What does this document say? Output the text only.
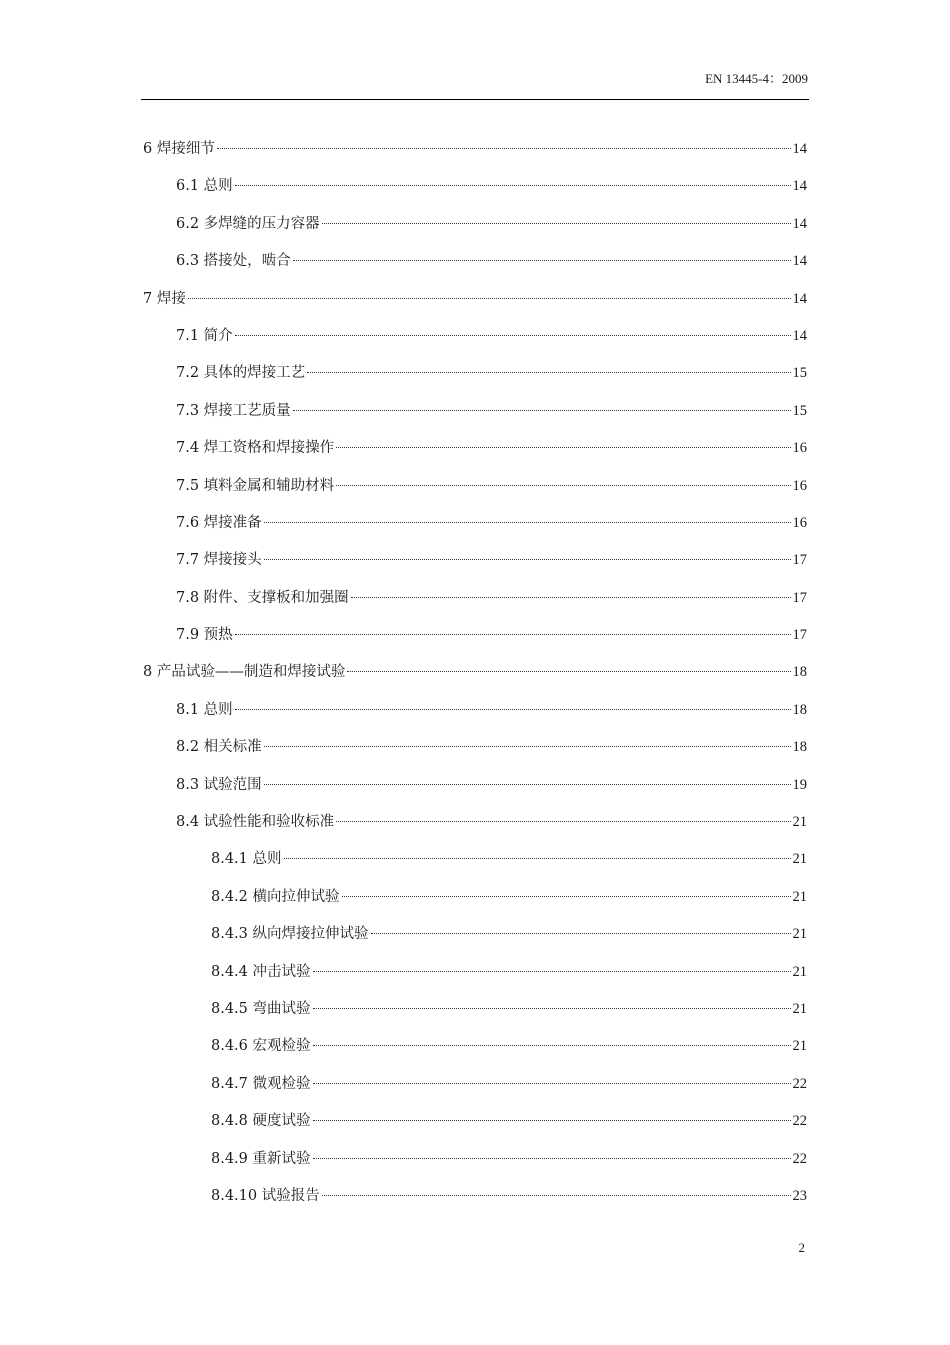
EN 13445-4：2009
6 焊接细节	14
6.1 总则	14
6.2 多焊缝的压力容器	14
6.3 搭接处，啮合	14
7 焊接	14
7.1 简介	14
7.2 具体的焊接工艺	15
7.3 焊接工艺质量	15
7.4 焊工资格和焊接操作	16
7.5 填料金属和辅助材料	16
7.6 焊接准备	16
7.7 焊接接头	17
7.8 附件、支撑板和加强圈	17
7.9 预热	17
8 产品试验——制造和焊接试验	18
8.1 总则	18
8.2 相关标准	18
8.3 试验范围	19
8.4 试验性能和验收标准	21
8.4.1 总则	21
8.4.2 横向拉伸试验	21
8.4.3 纵向焊接拉伸试验	21
8.4.4 冲击试验	21
8.4.5 弯曲试验	21
8.4.6 宏观检验	21
8.4.7 微观检验	22
8.4.8 硬度试验	22
8.4.9 重新试验	22
8.4.10 试验报告	23
2
